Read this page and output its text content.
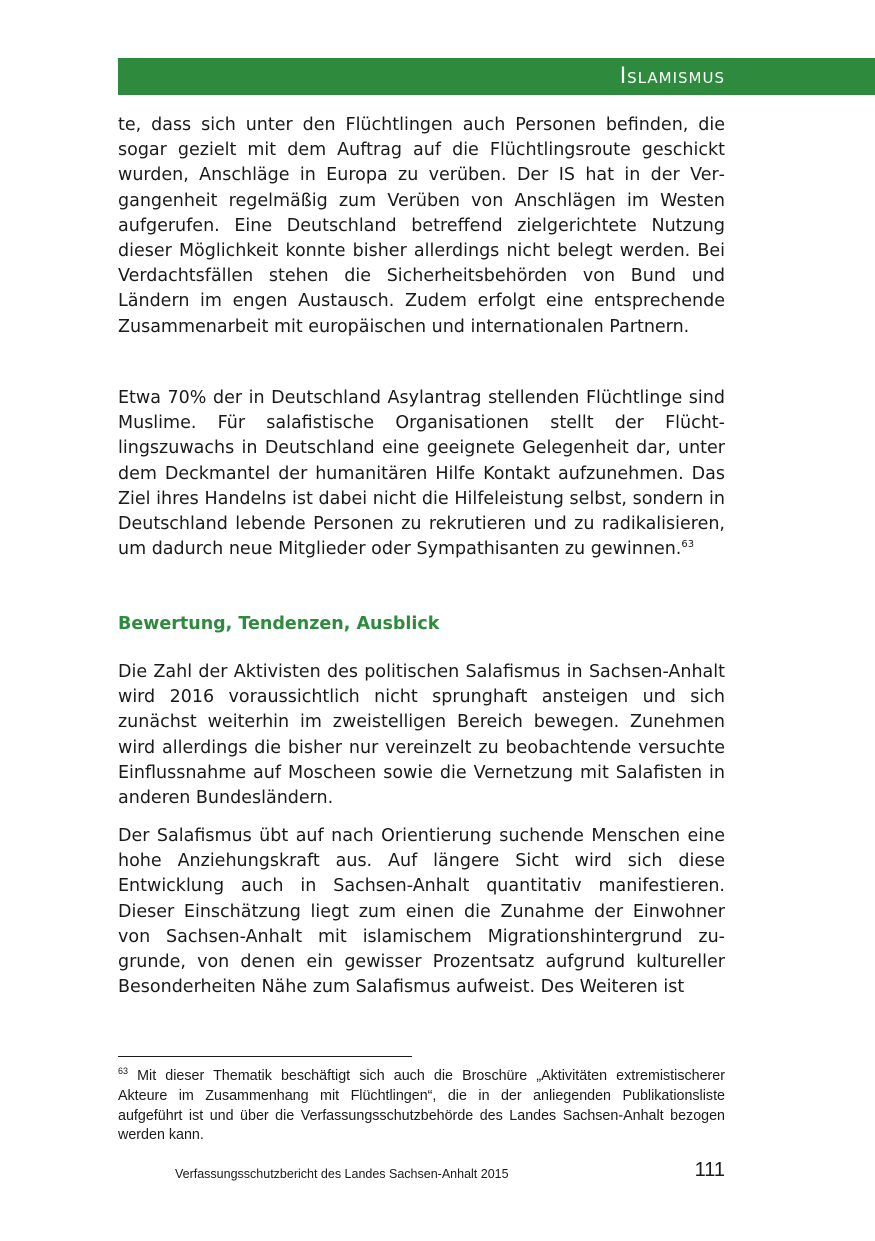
Islamismus

te, dass sich unter den Flüchtlingen auch Personen befinden, die sogar gezielt mit dem Auftrag auf die Flüchtlingsroute geschickt wurden, Anschläge in Europa zu verüben. Der IS hat in der Vergangenheit regelmäßig zum Verüben von Anschlägen im Westen aufgerufen. Eine Deutschland betreffend zielgerichtete Nutzung dieser Möglichkeit konnte bisher allerdings nicht belegt werden. Bei Verdachtsfällen stehen die Sicherheitsbehörden von Bund und Ländern im engen Austausch. Zudem erfolgt eine entsprechende Zusammenarbeit mit europäischen und internationalen Partnern.

Etwa 70% der in Deutschland Asylantrag stellenden Flüchtlinge sind Muslime. Für salafistische Organisationen stellt der Flüchtlingszuwachs in Deutschland eine geeignete Gelegenheit dar, unter dem Deckmantel der humanitären Hilfe Kontakt aufzunehmen. Das Ziel ihres Handelns ist dabei nicht die Hilfeleistung selbst, sondern in Deutschland lebende Personen zu rekrutieren und zu radikalisieren, um dadurch neue Mitglieder oder Sympathisanten zu gewinnen.$^{63}$

Bewertung, Tendenzen, Ausblick

Die Zahl der Aktivisten des politischen Salafismus in Sachsen-Anhalt wird 2016 voraussichtlich nicht sprunghaft ansteigen und sich zunächst weiterhin im zweistelligen Bereich bewegen. Zunehmen wird allerdings die bisher nur vereinzelt zu beobachtende versuchte Einflussnahme auf Moscheen sowie die Vernetzung mit Salafisten in anderen Bundesländern.

Der Salafismus übt auf nach Orientierung suchende Menschen eine hohe Anziehungskraft aus. Auf längere Sicht wird sich diese Entwicklung auch in Sachsen-Anhalt quantitativ manifestieren. Dieser Einschätzung liegt zum einen die Zunahme der Einwohner von Sachsen-Anhalt mit islamischem Migrationshintergrund zugrunde, von denen ein gewisser Prozentsatz aufgrund kultureller Besonderheiten Nähe zum Salafismus aufweist. Des Weiteren ist

$^{63}$ Mit dieser Thematik beschäftigt sich auch die Broschüre „Aktivitäten extremistischerer Akteure im Zusammenhang mit Flüchtlingen“, die in der anliegenden Publikationsliste aufgeführt ist und über die Verfassungsschutzbehörde des Landes Sachsen-Anhalt bezogen werden kann.

Verfassungsschutzbericht des Landes Sachsen-Anhalt 2015	111
